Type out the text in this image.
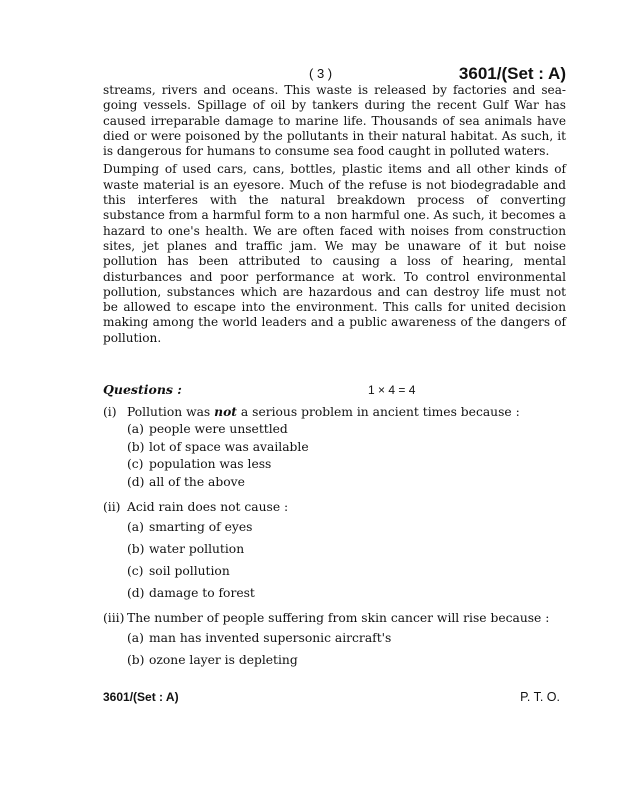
( 3 )	3601/(Set : A)

streams, rivers and oceans. This waste is released by factories and sea-going vessels. Spillage of oil by tankers during the recent Gulf War has caused irreparable damage to marine life. Thousands of sea animals have died or were poisoned by the pollutants in their natural habitat. As such, it is dangerous for humans to consume sea food caught in polluted waters.

Dumping of used cars, cans, bottles, plastic items and all other kinds of waste material is an eyesore. Much of the refuse is not biodegradable and this interferes with the natural breakdown process of converting substance from a harmful form to a non harmful one. As such, it becomes a hazard to one's health. We are often faced with noises from construction sites, jet planes and traffic jam. We may be unaware of it but noise pollution has been attributed to causing a loss of hearing, mental disturbances and poor performance at work. To control environmental pollution, substances which are hazardous and can destroy life must not be allowed to escape into the environment. This calls for united decision making among the world leaders and a public awareness of the dangers of pollution.

Questions :	1 × 4 = 4
(i) Pollution was not a serious problem in ancient times because :
(a) people were unsettled
(b) lot of space was available
(c) population was less
(d) all of the above
(ii) Acid rain does not cause :
(a) smarting of eyes
(b) water pollution
(c) soil pollution
(d) damage to forest
(iii) The number of people suffering from skin cancer will rise because :
(a) man has invented supersonic aircraft's
(b) ozone layer is depleting
3601/(Set : A)	P. T. O.
